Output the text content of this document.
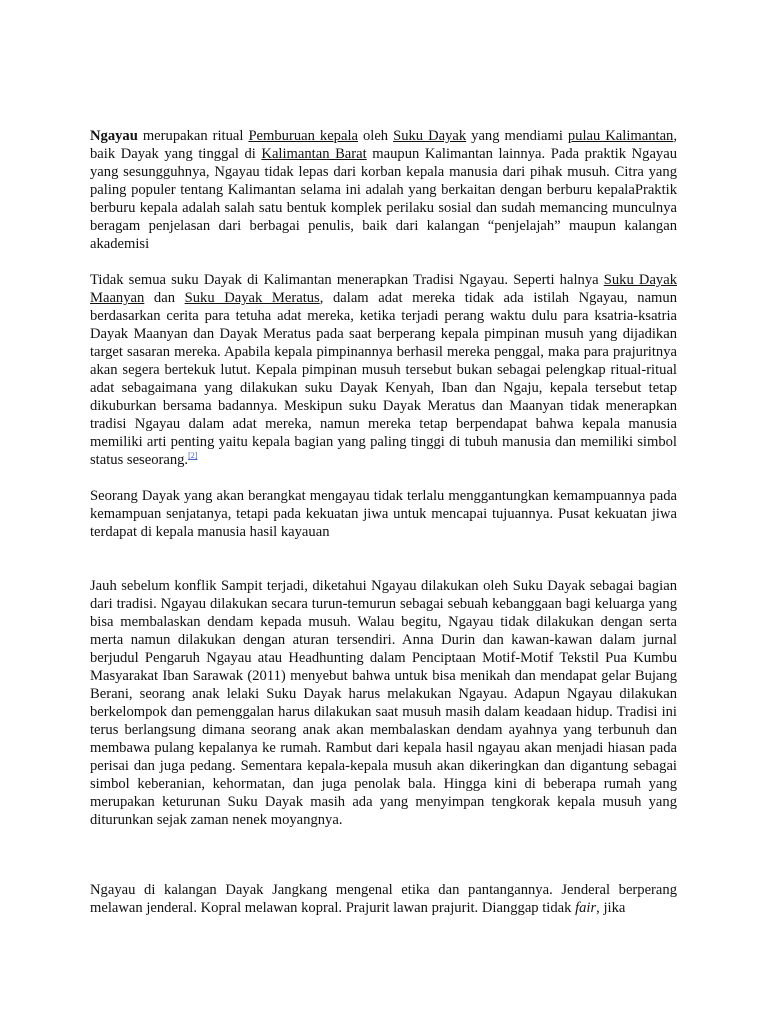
Ngayau merupakan ritual Pemburuan kepala oleh Suku Dayak yang mendiami pulau Kalimantan, baik Dayak yang tinggal di Kalimantan Barat maupun Kalimantan lainnya. Pada praktik Ngayau yang sesungguhnya, Ngayau tidak lepas dari korban kepala manusia dari pihak musuh. Citra yang paling populer tentang Kalimantan selama ini adalah yang berkaitan dengan berburu kepalaPraktik berburu kepala adalah salah satu bentuk komplek perilaku sosial dan sudah memancing munculnya beragam penjelasan dari berbagai penulis, baik dari kalangan “penjelajah” maupun kalangan akademisi

Tidak semua suku Dayak di Kalimantan menerapkan Tradisi Ngayau. Seperti halnya Suku Dayak Maanyan dan Suku Dayak Meratus, dalam adat mereka tidak ada istilah Ngayau, namun berdasarkan cerita para tetuha adat mereka, ketika terjadi perang waktu dulu para ksatria-ksatria Dayak Maanyan dan Dayak Meratus pada saat berperang kepala pimpinan musuh yang dijadikan target sasaran mereka. Apabila kepala pimpinannya berhasil mereka penggal, maka para prajuritnya akan segera bertekuk lutut. Kepala pimpinan musuh tersebut bukan sebagai pelengkap ritual-ritual adat sebagaimana yang dilakukan suku Dayak Kenyah, Iban dan Ngaju, kepala tersebut tetap dikuburkan bersama badannya. Meskipun suku Dayak Meratus dan Maanyan tidak menerapkan tradisi Ngayau dalam adat mereka, namun mereka tetap berpendapat bahwa kepala manusia memiliki arti penting yaitu kepala bagian yang paling tinggi di tubuh manusia dan memiliki simbol status seseorang.[2]

Seorang Dayak yang akan berangkat mengayau tidak terlalu menggantungkan kemampuannya pada kemampuan senjatanya, tetapi pada kekuatan jiwa untuk mencapai tujuannya. Pusat kekuatan jiwa terdapat di kepala manusia hasil kayauan

Jauh sebelum konflik Sampit terjadi, diketahui Ngayau dilakukan oleh Suku Dayak sebagai bagian dari tradisi. Ngayau dilakukan secara turun-temurun sebagai sebuah kebanggaan bagi keluarga yang bisa membalaskan dendam kepada musuh. Walau begitu, Ngayau tidak dilakukan dengan serta merta namun dilakukan dengan aturan tersendiri. Anna Durin dan kawan-kawan dalam jurnal berjudul Pengaruh Ngayau atau Headhunting dalam Penciptaan Motif-Motif Tekstil Pua Kumbu Masyarakat Iban Sarawak (2011) menyebut bahwa untuk bisa menikah dan mendapat gelar Bujang Berani, seorang anak lelaki Suku Dayak harus melakukan Ngayau. Adapun Ngayau dilakukan berkelompok dan pemenggalan harus dilakukan saat musuh masih dalam keadaan hidup. Tradisi ini terus berlangsung dimana seorang anak akan membalaskan dendam ayahnya yang terbunuh dan membawa pulang kepalanya ke rumah. Rambut dari kepala hasil ngayau akan menjadi hiasan pada perisai dan juga pedang. Sementara kepala-kepala musuh akan dikeringkan dan digantung sebagai simbol keberanian, kehormatan, dan juga penolak bala. Hingga kini di beberapa rumah yang merupakan keturunan Suku Dayak masih ada yang menyimpan tengkorak kepala musuh yang diturunkan sejak zaman nenek moyangnya.

Ngayau di kalangan Dayak Jangkang mengenal etika dan pantangannya. Jenderal berperang melawan jenderal. Kopral melawan kopral. Prajurit lawan prajurit. Dianggap tidak fair, jika
